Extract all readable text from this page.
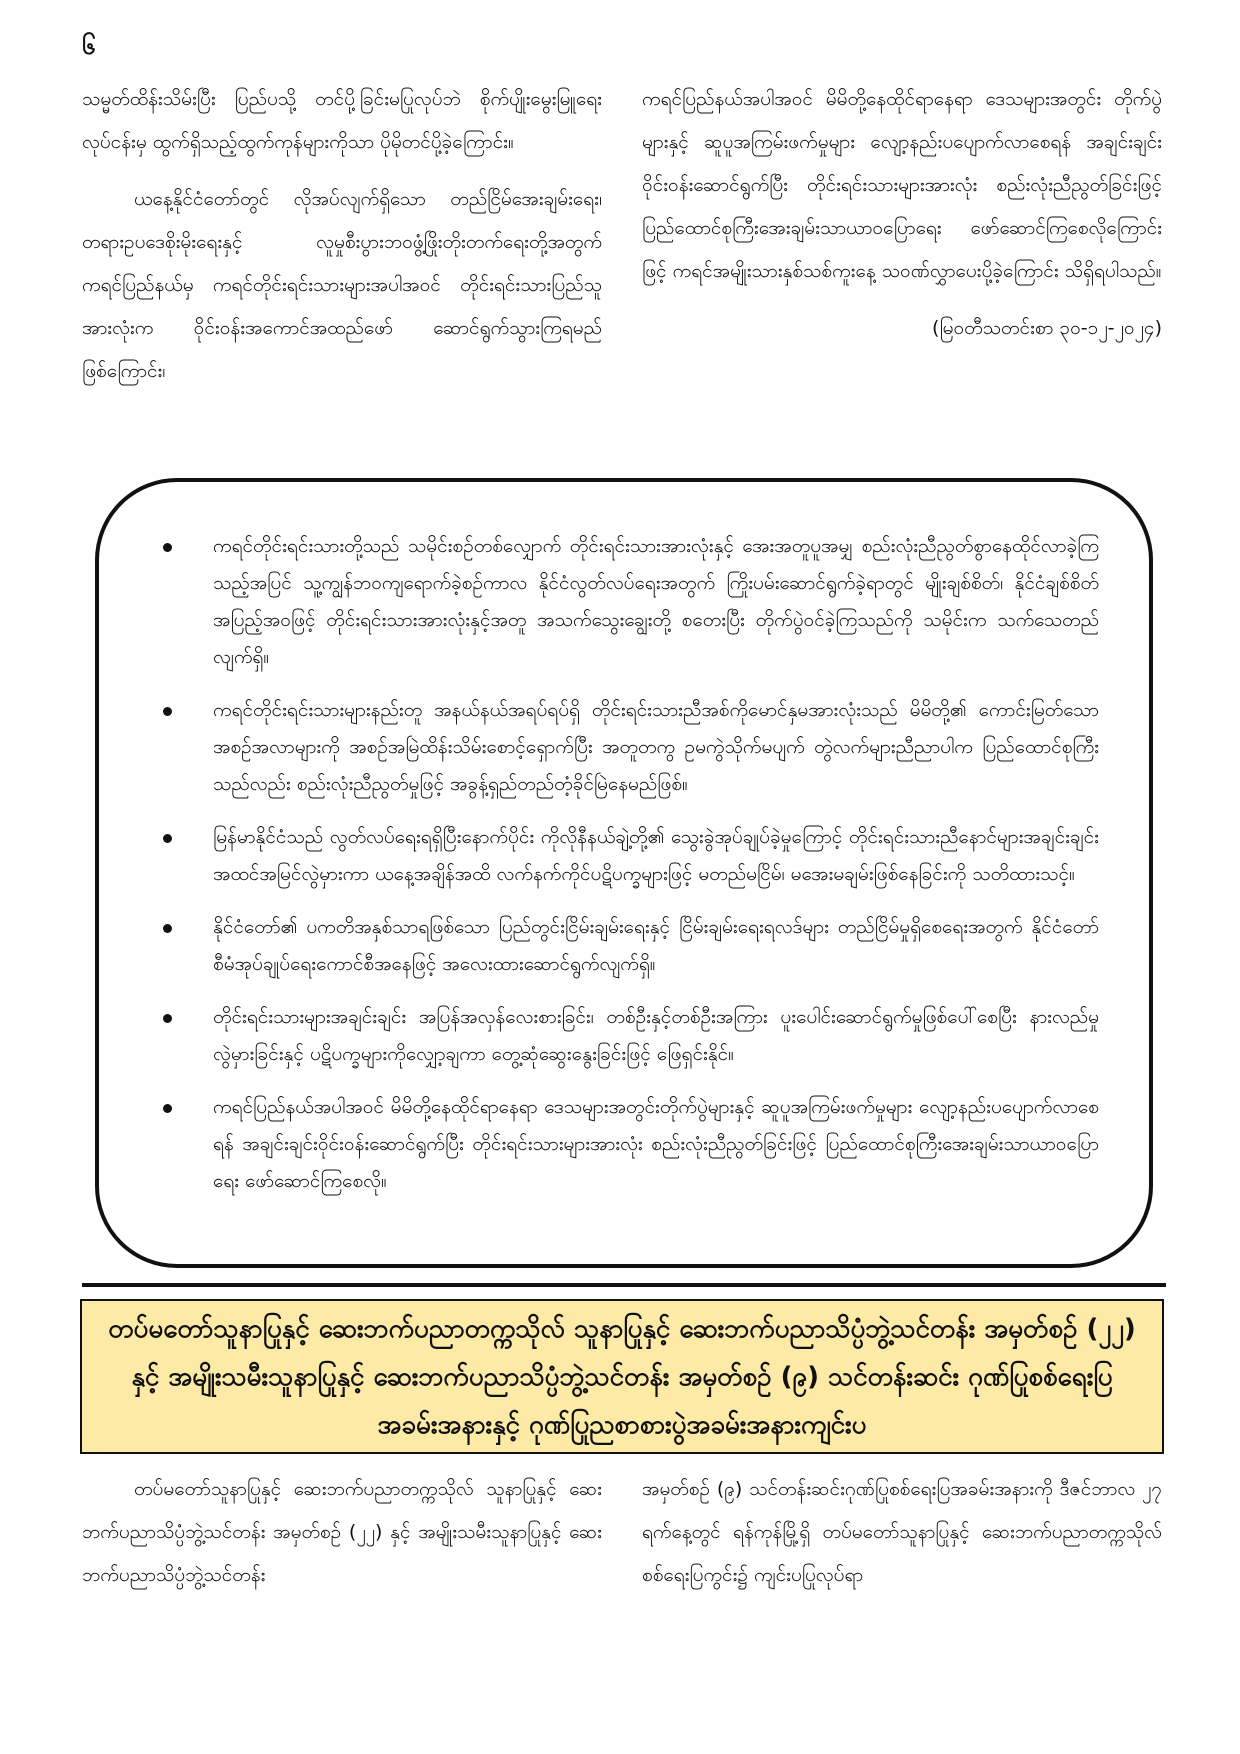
၆

သမ္မတ်ထိန်းသိမ်းပြီး ပြည်ပသို့ တင်ပို့ခြင်းမပြုလုပ်ဘဲ စိုက်ပျိုးမွေးမြူရေးလုပ်ငန်းမှ ထွက်ရှိသည့်ထွက်ကုန်များကိုသာ ပိုမိုတင်ပို့ခဲ့ကြောင်း။

ယနေ့နိုင်ငံတော်တွင် လိုအပ်လျက်ရှိသော တည်ငြိမ်အေးချမ်းရေး၊ တရားဥပဒေစိုးမိုးရေးနှင့် လူမှုစီးပွားဘဝဖွံ့ဖြိုးတိုးတက်ရေးတို့အတွက် ကရင်ပြည်နယ်မှ ကရင်တိုင်းရင်းသားများအပါအဝင် တိုင်းရင်းသားပြည်သူအားလုံးက ဝိုင်းဝန်းအကောင်အထည်ဖော် ဆောင်ရွက်သွားကြရမည်ဖြစ်ကြောင်း၊

ကရင်ပြည်နယ်အပါအဝင် မိမိတို့နေထိုင်ရာနေရာ ဒေသများအတွင်း တိုက်ပွဲများနှင့် ဆူပူအကြမ်းဖက်မှုများ လျော့နည်းပပျောက်လာစေရန် အချင်းချင်းဝိုင်းဝန်းဆောင်ရွက်ပြီး တိုင်းရင်းသားများအားလုံး စည်းလုံးညီညွတ်ခြင်းဖြင့် ပြည်ထောင်စုကြီးအေးချမ်းသာယာဝပြောရေး ဖော်ဆောင်ကြစေလိုကြောင်းဖြင့် ကရင်အမျိုးသားနှစ်သစ်ကူးနေ့ သဝဏ်လွှာပေးပို့ခဲ့ကြောင်း သိရှိရပါသည်။

(မြဝတီသတင်းစာ ၃၀-၁၂-၂၀၂၄)
ကရင်တိုင်းရင်းသားတို့သည် သမိုင်းစဉ်တစ်လျှောက် တိုင်းရင်းသားအားလုံးနှင့် အေးအတူပူအမျှ စည်းလုံးညီညွတ်စွာနေထိုင်လာခဲ့ကြသည့်အပြင် သူ့ကျွန်ဘဝကျရောက်ခဲ့စဉ်ကာလ နိုင်ငံလွတ်လပ်ရေးအတွက် ကြိုးပမ်းဆောင်ရွက်ခဲ့ရာတွင် မျိုးချစ်စိတ်၊ နိုင်ငံချစ်စိတ်အပြည့်အဝဖြင့် တိုင်းရင်းသားအားလုံးနှင့်အတူ အသက်သွေးချွေးတို့ စတေးပြီး တိုက်ပွဲဝင်ခဲ့ကြသည်ကို သမိုင်းက သက်သေတည်လျက်ရှိ။
ကရင်တိုင်းရင်းသားများနည်းတူ အနယ်နယ်အရပ်ရပ်ရှိ တိုင်းရင်းသားညီအစ်ကိုမောင်နှမအားလုံးသည် မိမိတို့၏ ကောင်းမြတ်သောအစဉ်အလာများကို အစဉ်အမြဲထိန်းသိမ်းစောင့်ရှောက်ပြီး အတူတကွ ဥမကွဲသိုက်မပျက် တွဲလက်များညီညာပါက ပြည်ထောင်စုကြီးသည်လည်း စည်းလုံးညီညွတ်မှုဖြင့် အခွန့်ရှည်တည်တံ့ခိုင်မြဲနေမည်ဖြစ်။
မြန်မာနိုင်ငံသည် လွတ်လပ်ရေးရရှိပြီးနောက်ပိုင်း ကိုလိုနီနယ်ချဲ့တို့၏ သွေးခွဲအုပ်ချုပ်ခဲ့မှုကြောင့် တိုင်းရင်းသားညီနောင်များအချင်းချင်း အထင်အမြင်လွဲမှားကာ ယနေ့အချိန်အထိ လက်နက်ကိုင်ပဋိပက္ခများဖြင့် မတည်မငြိမ်၊ မအေးမချမ်းဖြစ်နေခြင်းကို သတိထားသင့်။
နိုင်ငံတော်၏ ပကတိအနှစ်သာရဖြစ်သော ပြည်တွင်းငြိမ်းချမ်းရေးနှင့် ငြိမ်းချမ်းရေးရလဒ်များ တည်ငြိမ်မှုရှိစေရေးအတွက် နိုင်ငံတော်စီမံအုပ်ချုပ်ရေးကောင်စီအနေဖြင့် အလေးထားဆောင်ရွက်လျက်ရှိ။
တိုင်းရင်းသားများအချင်းချင်း အပြန်အလှန်လေးစားခြင်း၊ တစ်ဦးနှင့်တစ်ဦးအကြား ပူးပေါင်းဆောင်ရွက်မှုဖြစ်ပေါ်စေပြီး နားလည်မှုလွဲမှားခြင်းနှင့် ပဋိပက္ခများကိုလျှော့ချကာ တွေ့ဆုံဆွေးနွေးခြင်းဖြင့် ဖြေရှင်းနိုင်။
ကရင်ပြည်နယ်အပါအဝင် မိမိတို့နေထိုင်ရာနေရာ ဒေသများအတွင်းတိုက်ပွဲများနှင့် ဆူပူအကြမ်းဖက်မှုများ လျော့နည်းပပျောက်လာစေရန် အချင်းချင်းဝိုင်းဝန်းဆောင်ရွက်ပြီး တိုင်းရင်းသားများအားလုံး စည်းလုံးညီညွတ်ခြင်းဖြင့် ပြည်ထောင်စုကြီးအေးချမ်းသာယာဝပြောရေး ဖော်ဆောင်ကြစေလို။
တပ်မတော်သူနာပြုနှင့် ဆေးဘက်ပညာတက္ကသိုလ် သူနာပြုနှင့် ဆေးဘက်ပညာသိပ္ပံဘွဲ့သင်တန်း အမှတ်စဉ် (၂၂) နှင့် အမျိုးသမီးသူနာပြုနှင့် ဆေးဘက်ပညာသိပ္ပံဘွဲ့သင်တန်း အမှတ်စဉ် (၉) သင်တန်းဆင်း ဂုဏ်ပြုစစ်ရေးပြအခမ်းအနားနှင့် ဂုဏ်ပြုညစာစားပွဲအခမ်းအနားကျင်းပ

တပ်မတော်သူနာပြုနှင့် ဆေးဘက်ပညာတက္ကသိုလ် သူနာပြုနှင့် ဆေးဘက်ပညာသိပ္ပံဘွဲ့သင်တန်း အမှတ်စဉ် (၂၂) နှင့် အမျိုးသမီးသူနာပြုနှင့် ဆေးဘက်ပညာသိပ္ပံဘွဲ့သင်တန်း

အမှတ်စဉ် (၉) သင်တန်းဆင်းဂုဏ်ပြုစစ်ရေးပြအခမ်းအနားကို ဒီဇင်ဘာလ ၂၇ ရက်နေ့တွင် ရန်ကုန်မြို့ရှိ တပ်မတော်သူနာပြုနှင့် ဆေးဘက်ပညာတက္ကသိုလ် စစ်ရေးပြကွင်း၌ ကျင်းပပြုလုပ်ရာ
